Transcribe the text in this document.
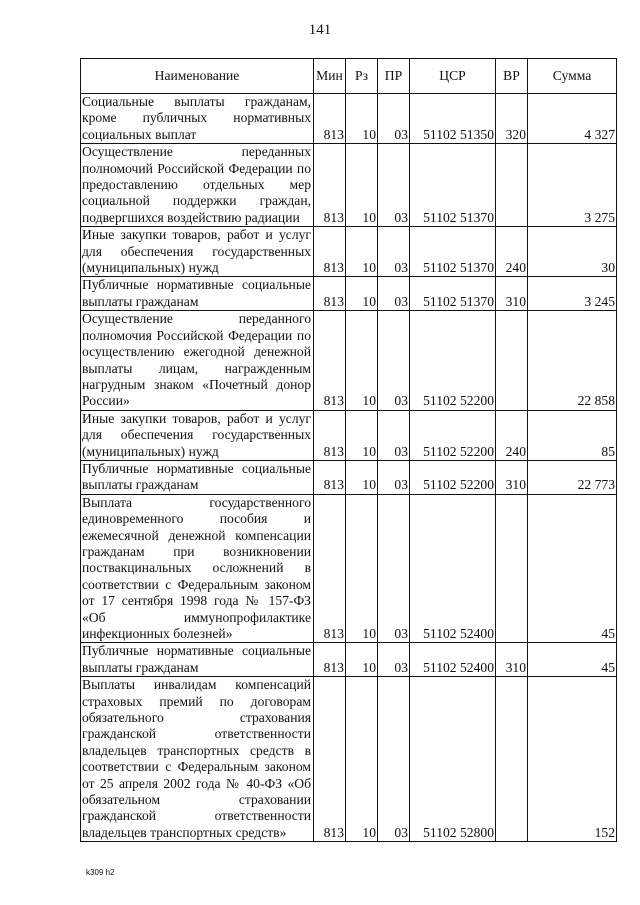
141
Наименование	Мин	Рз	ПР	ЦСР	ВР	Сумма
Социальные выплаты гражданам, кроме публичных нормативных социальных выплат	813	10	03	51102 51350	320	4 327
Осуществление переданных полномочий Российской Федерации по предоставлению отдельных мер социальной поддержки граждан, подвергшихся воздействию радиации	813	10	03	51102 51370		3 275
Иные закупки товаров, работ и услуг для обеспечения государственных (муниципальных) нужд	813	10	03	51102 51370	240	30
Публичные нормативные социальные выплаты гражданам	813	10	03	51102 51370	310	3 245
Осуществление переданного полномочия Российской Федерации по осуществлению ежегодной денежной выплаты лицам, награжденным нагрудным знаком «Почетный донор России»	813	10	03	51102 52200		22 858
Иные закупки товаров, работ и услуг для обеспечения государственных (муниципальных) нужд	813	10	03	51102 52200	240	85
Публичные нормативные социальные выплаты гражданам	813	10	03	51102 52200	310	22 773
Выплата государственного единовременного пособия и ежемесячной денежной компенсации гражданам при возникновении поствакцинальных осложнений в соответствии с Федеральным законом от 17 сентября 1998 года № 157-ФЗ «Об иммунопрофилактике инфекционных болезней»	813	10	03	51102 52400		45
Публичные нормативные социальные выплаты гражданам	813	10	03	51102 52400	310	45
Выплаты инвалидам компенсаций страховых премий по договорам обязательного страхования гражданской ответственности владельцев транспортных средств в соответствии с Федеральным законом от 25 апреля 2002 года № 40-ФЗ «Об обязательном страховании гражданской ответственности владельцев транспортных средств»	813	10	03	51102 52800		152
k309 h2
